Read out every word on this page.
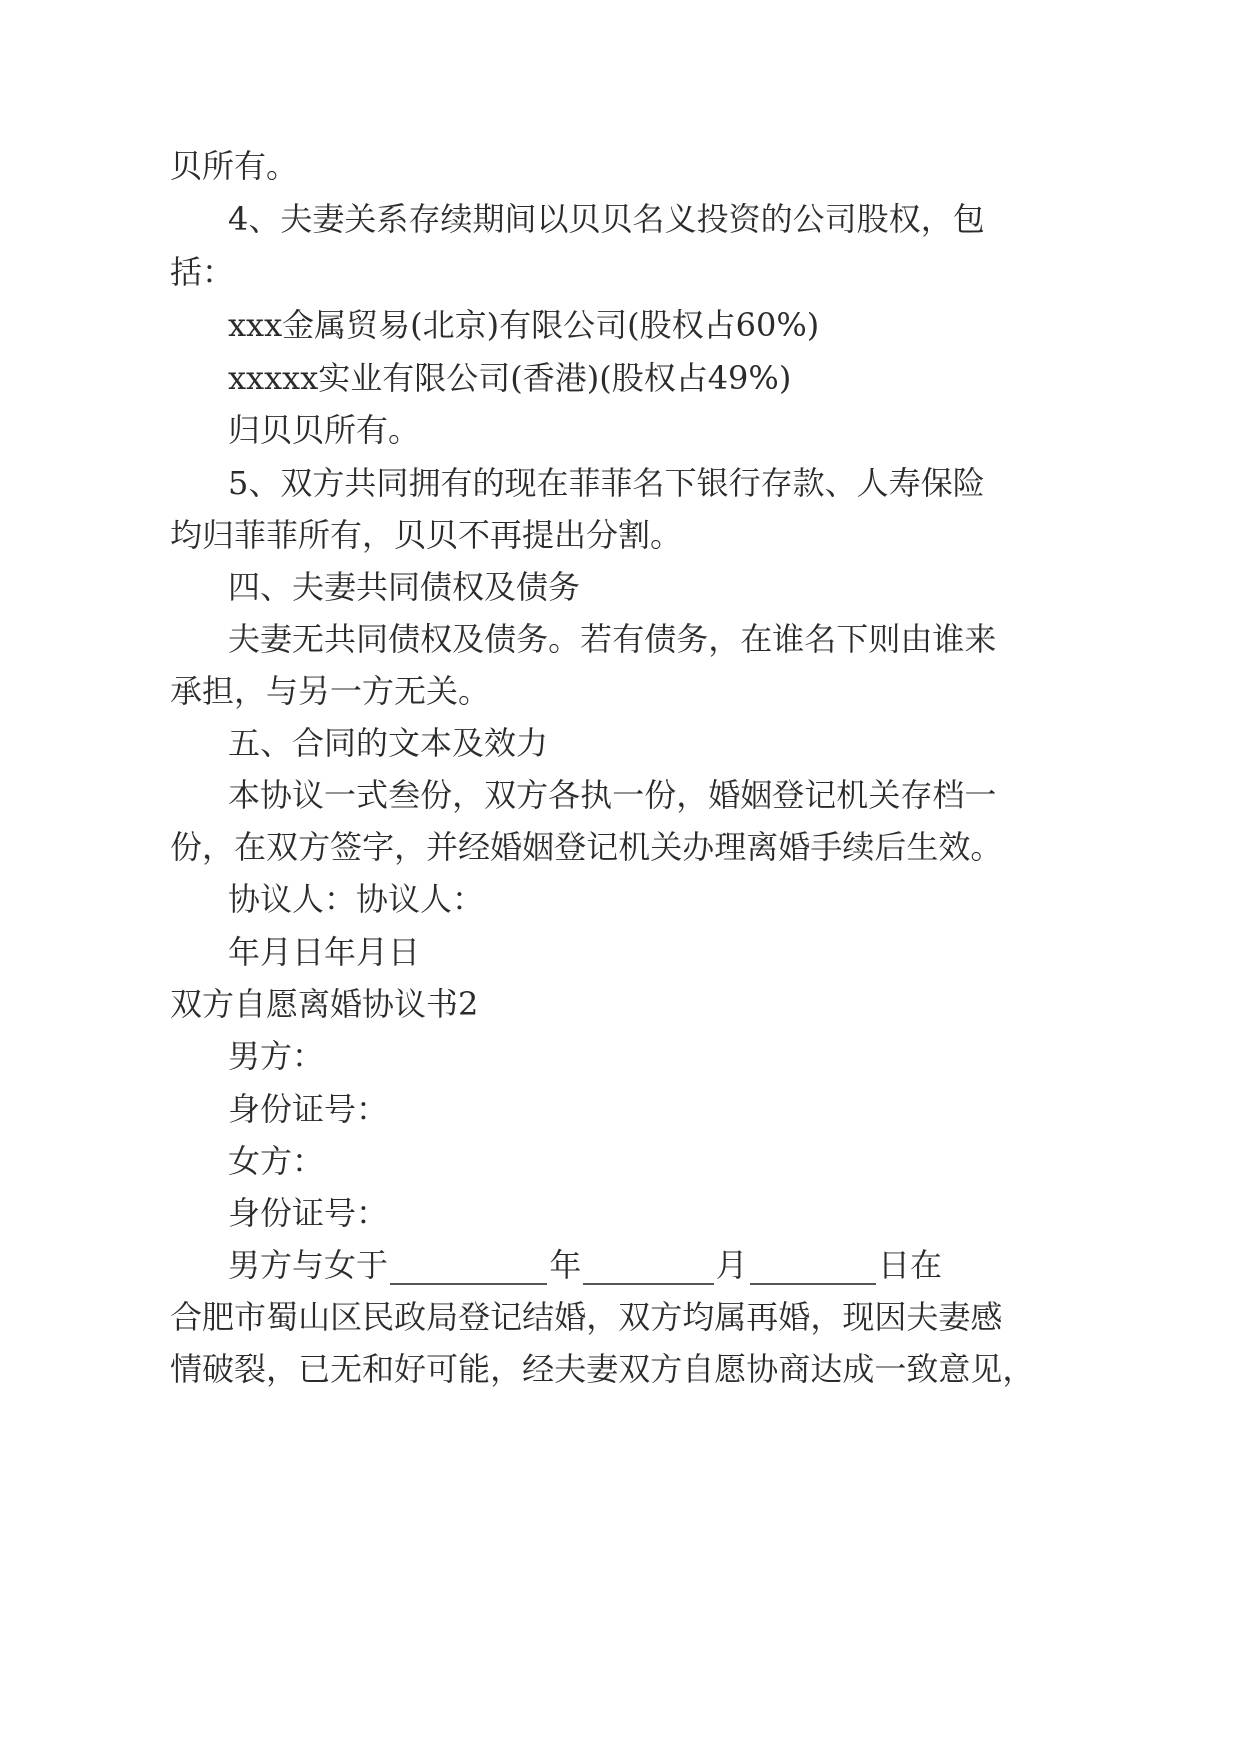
贝所有。
4 、 夫 妻 关 系 存 续 期 间 以 贝 贝 名 义 投 资 的 公 司 股 权 ， 包
括：
xxx金属贸易(北京)有限公司(股权占60%)
xxxxx实业有限公司(香港)(股权占49%)
归贝贝所有。
5 、 双 方 共 同 拥 有 的 现 在 菲 菲 名 下 银 行 存 款 、 人 寿 保 险
均归菲菲所有，贝贝不再提出分割。
四、夫妻共同债权及债务
夫 妻 无 共 同 债 权 及 债 务 。 若 有 债 务 ， 在 谁 名 下 则 由 谁 来
承担，与另一方无关。
五、合同的文本及效力
本 协 议 一 式 叁 份 ， 双 方 各 执 一 份 ， 婚 姻 登 记 机 关 存 档 一
份 ， 在 双 方 签 字 ， 并 经 婚 姻 登 记 机 关 办 理 离 婚 手 续 后 生 效 。
协议人：协议人：
年月日年月日
双方自愿离婚协议书2
男方：
身份证号：
女方：
身份证号：
男方与女于	年	月	日在
合 肥 市 蜀 山 区 民 政 局 登 记 结 婚 ， 双 方 均 属 再 婚 ， 现 因 夫 妻 感
情 破 裂 ， 已 无 和 好 可 能 ， 经 夫 妻 双 方 自 愿 协 商 达 成 一 致 意 见 ，
